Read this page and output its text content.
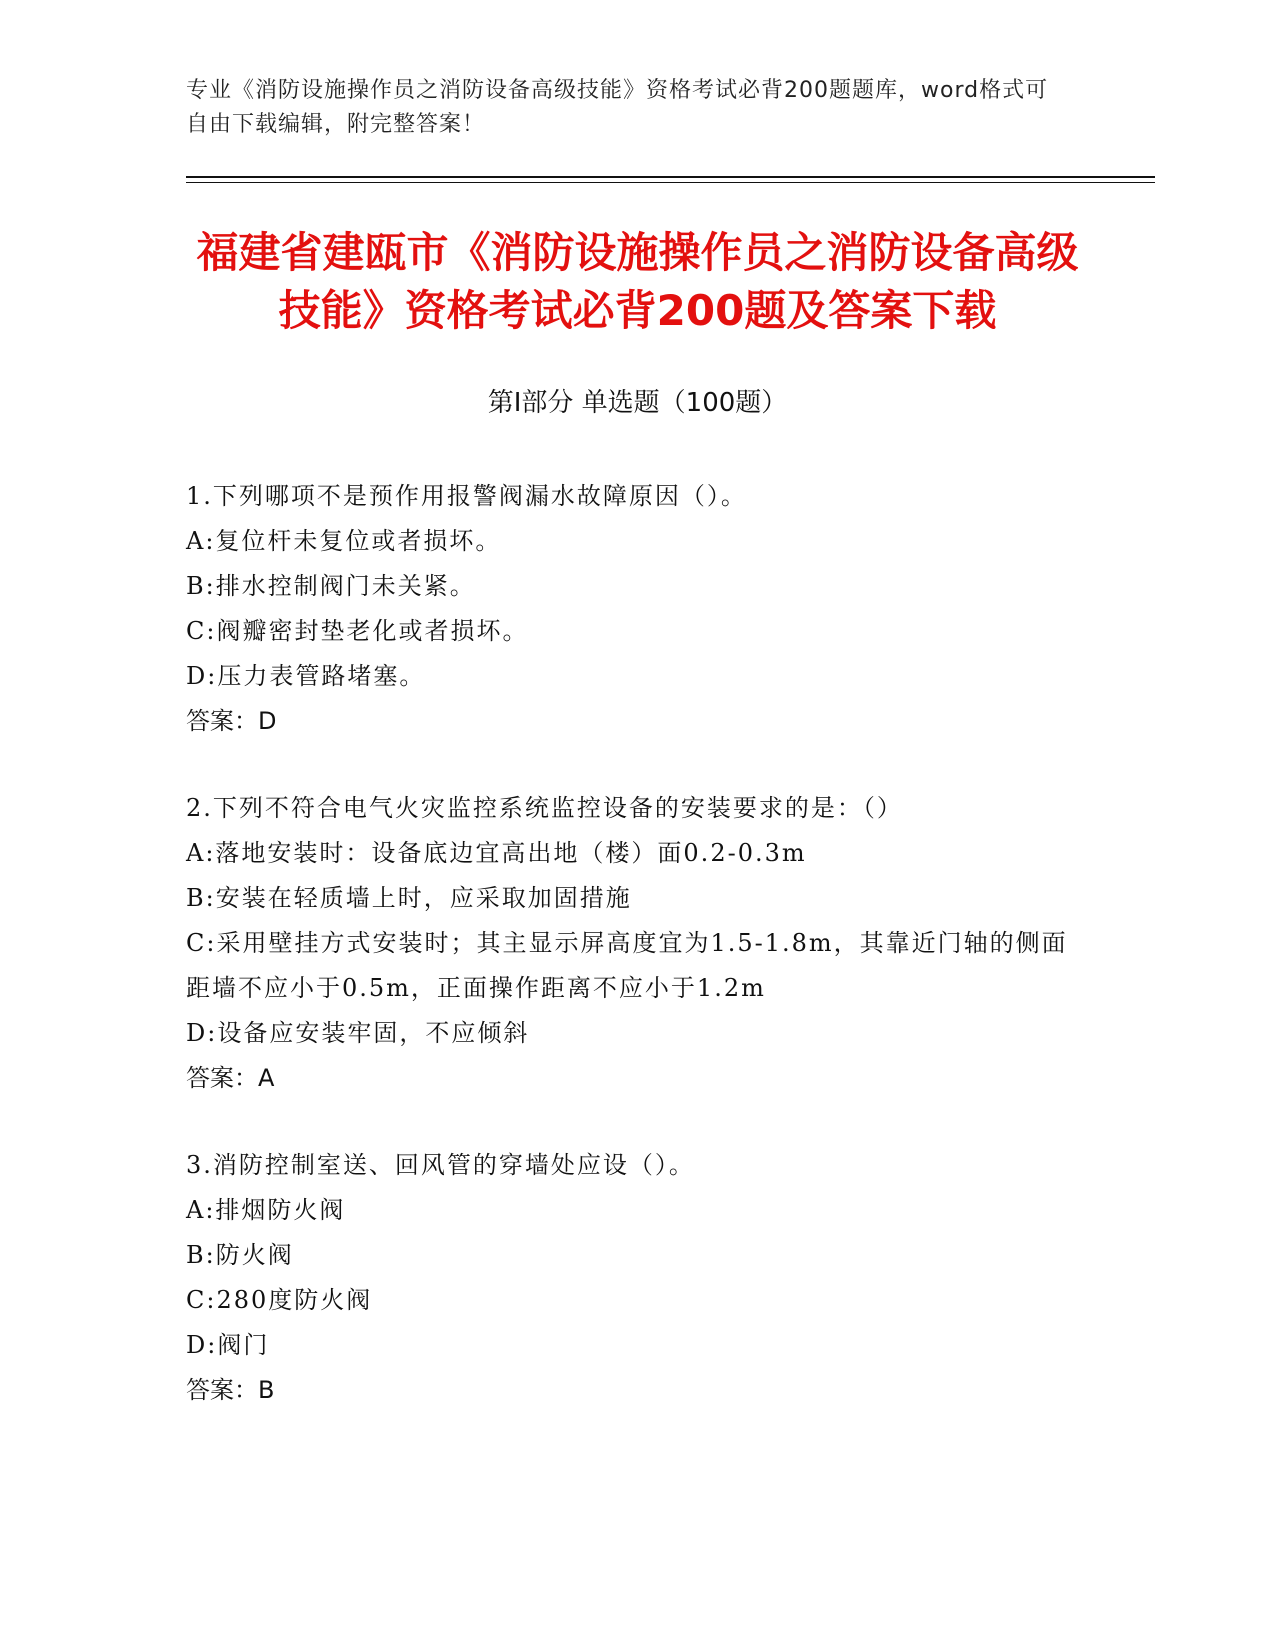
专业《消防设施操作员之消防设备高级技能》资格考试必背200题题库，word格式可自由下载编辑，附完整答案！
福建省建瓯市《消防设施操作员之消防设备高级技能》资格考试必背200题及答案下载
第I部分 单选题（100题）
1.下列哪项不是预作用报警阀漏水故障原因（）。
A:复位杆未复位或者损坏。
B:排水控制阀门未关紧。
C:阀瓣密封垫老化或者损坏。
D:压力表管路堵塞。
答案：D
2.下列不符合电气火灾监控系统监控设备的安装要求的是：（）
A:落地安装时：设备底边宜高出地（楼）面0.2-0.3m
B:安装在轻质墙上时，应采取加固措施
C:采用壁挂方式安装时；其主显示屏高度宜为1.5-1.8m，其靠近门轴的侧面距墙不应小于0.5m，正面操作距离不应小于1.2m
D:设备应安装牢固，不应倾斜
答案：A
3.消防控制室送、回风管的穿墙处应设（）。
A:排烟防火阀
B:防火阀
C:280度防火阀
D:阀门
答案：B
